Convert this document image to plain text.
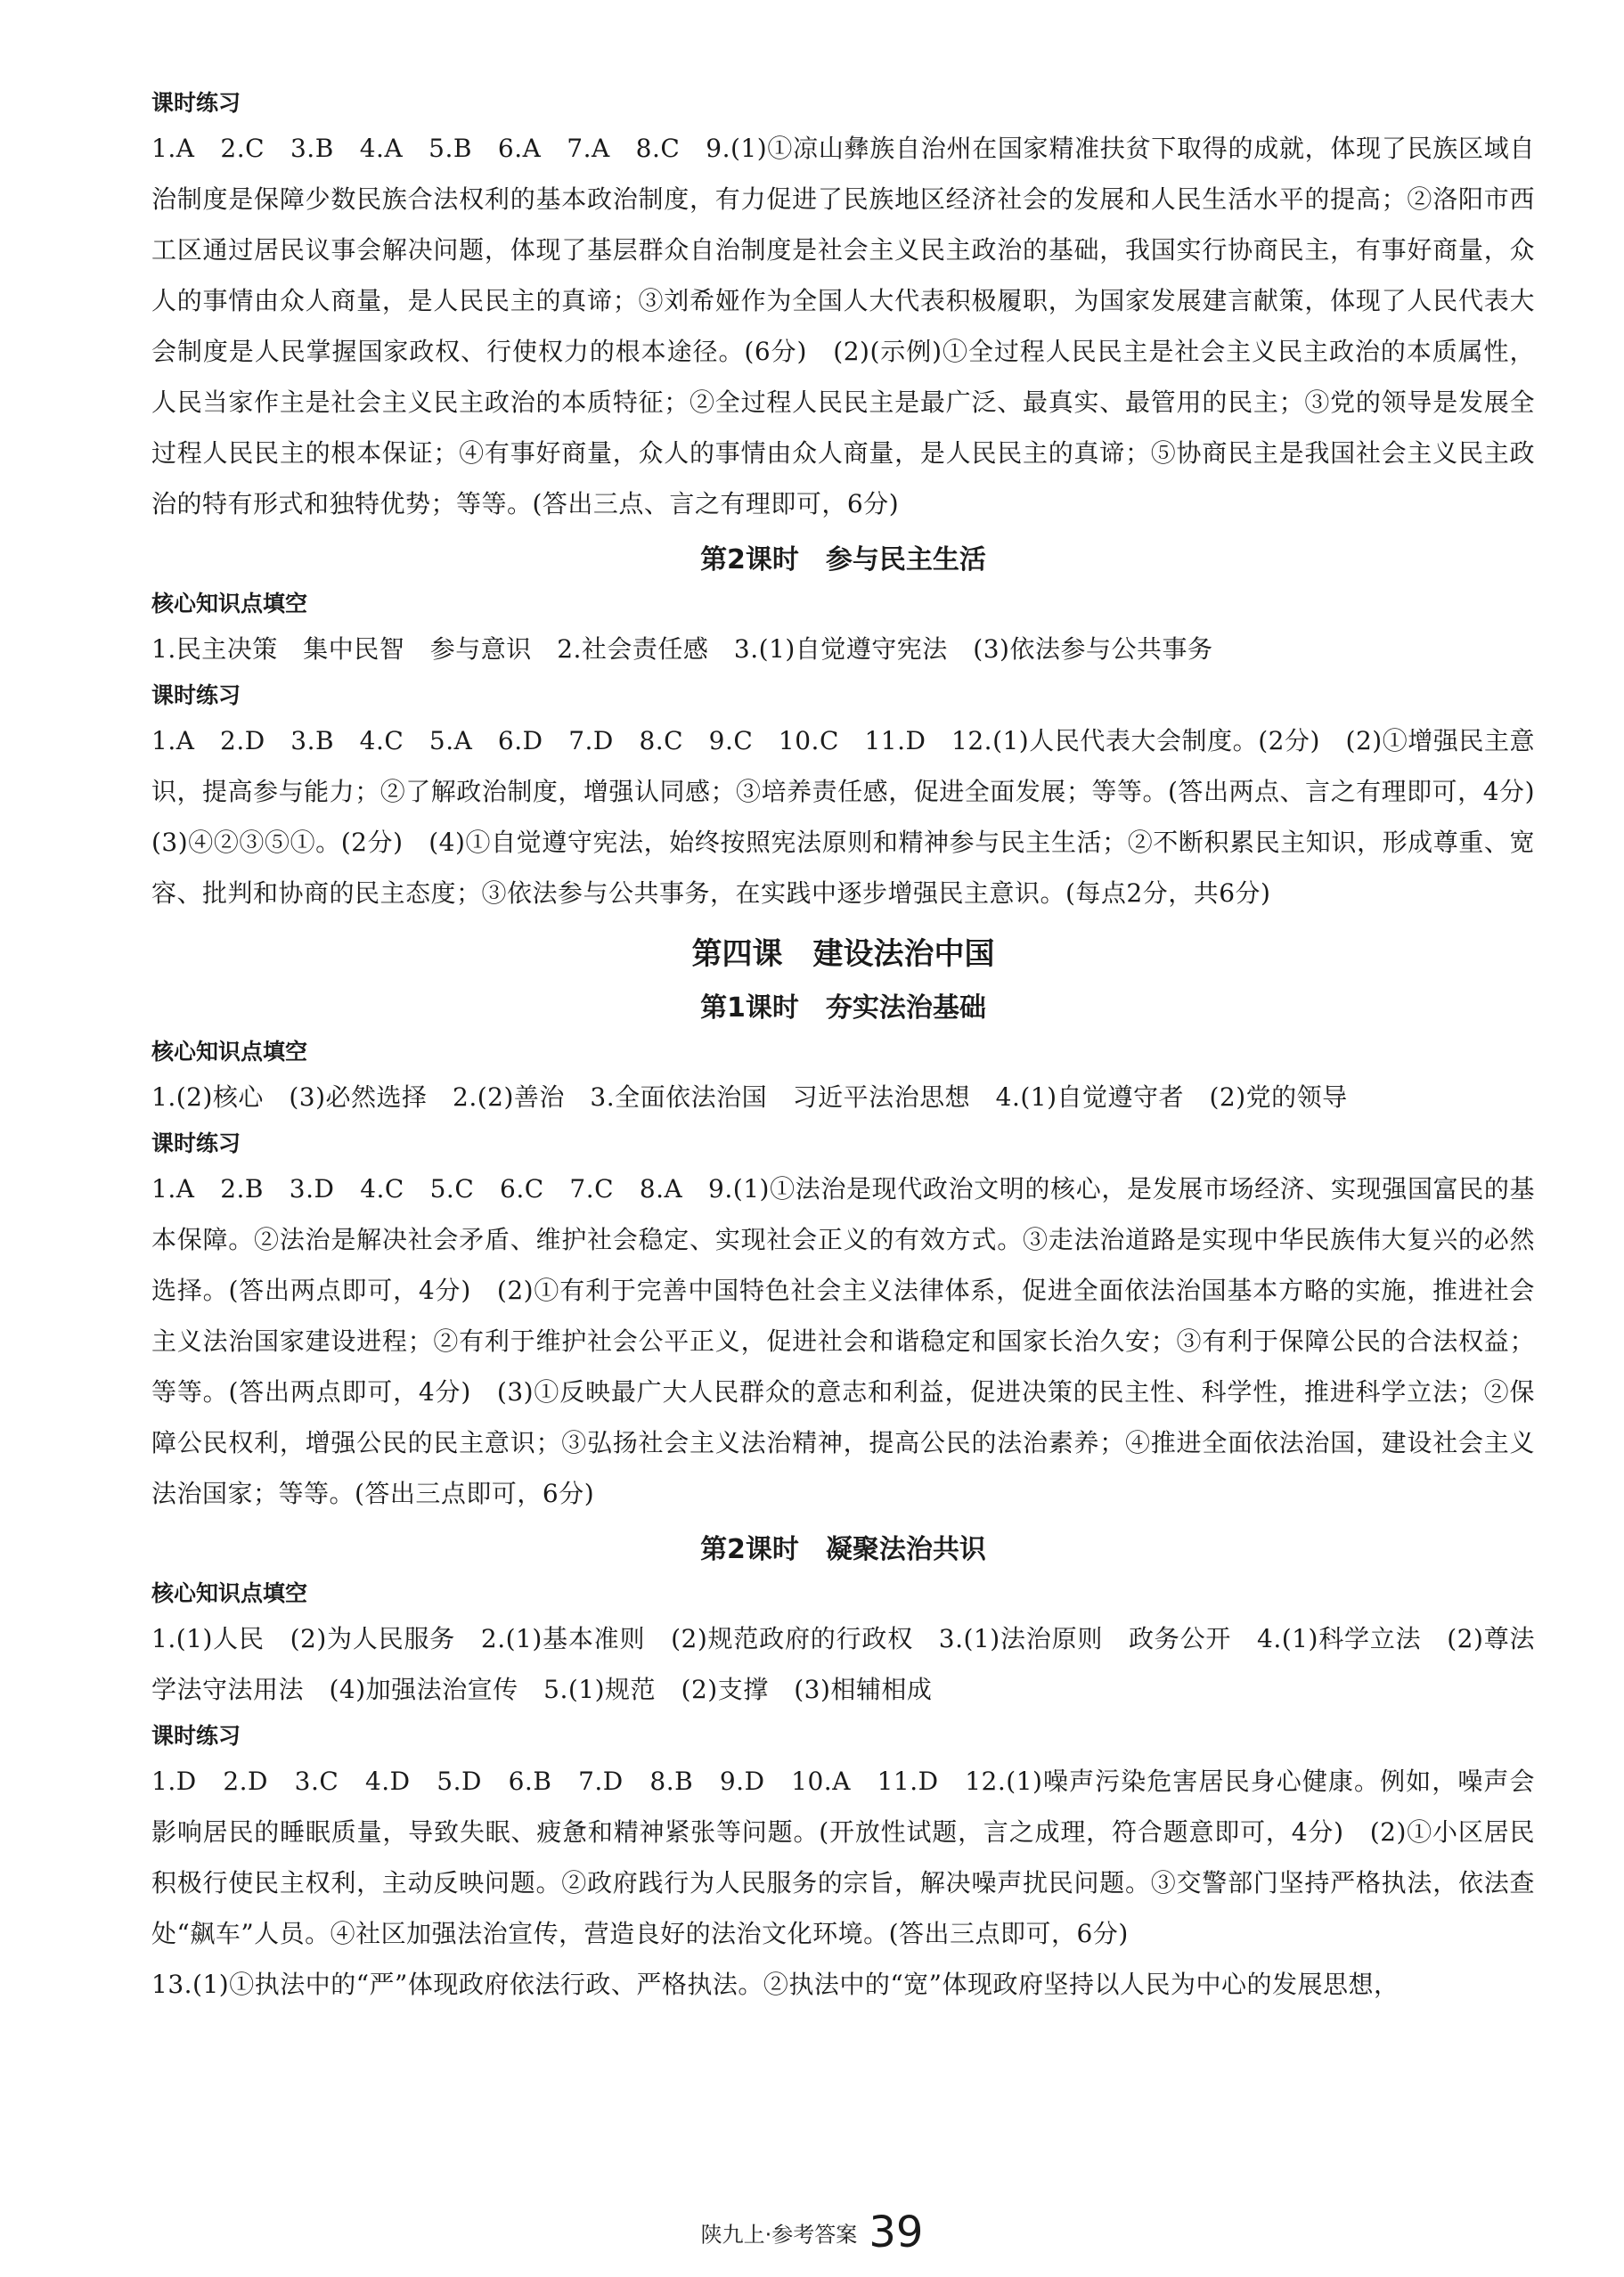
课时练习
1.A　2.C　3.B　4.A　5.B　6.A　7.A　8.C　9.(1)①凉山彝族自治州在国家精准扶贫下取得的成就，体现了民族区域自治制度是保障少数民族合法权利的基本政治制度，有力促进了民族地区经济社会的发展和人民生活水平的提高；②洛阳市西工区通过居民议事会解决问题，体现了基层群众自治制度是社会主义民主政治的基础，我国实行协商民主，有事好商量，众人的事情由众人商量，是人民民主的真谛；③刘希娅作为全国人大代表积极履职，为国家发展建言献策，体现了人民代表大会制度是人民掌握国家政权、行使权力的根本途径。(6分)　(2)(示例)①全过程人民民主是社会主义民主政治的本质属性，人民当家作主是社会主义民主政治的本质特征；②全过程人民民主是最广泛、最真实、最管用的民主；③党的领导是发展全过程人民民主的根本保证；④有事好商量，众人的事情由众人商量，是人民民主的真谛；⑤协商民主是我国社会主义民主政治的特有形式和独特优势；等等。(答出三点、言之有理即可，6分)
第2课时　参与民主生活
核心知识点填空
1.民主决策　集中民智　参与意识　2.社会责任感　3.(1)自觉遵守宪法　(3)依法参与公共事务
课时练习
1.A　2.D　3.B　4.C　5.A　6.D　7.D　8.C　9.C　10.C　11.D　12.(1)人民代表大会制度。(2分)　(2)①增强民主意识，提高参与能力；②了解政治制度，增强认同感；③培养责任感，促进全面发展；等等。(答出两点、言之有理即可，4分)　(3)④②③⑤①。(2分)　(4)①自觉遵守宪法，始终按照宪法原则和精神参与民主生活；②不断积累民主知识，形成尊重、宽容、批判和协商的民主态度；③依法参与公共事务，在实践中逐步增强民主意识。(每点2分，共6分)
第四课　建设法治中国
第1课时　夯实法治基础
核心知识点填空
1.(2)核心　(3)必然选择　2.(2)善治　3.全面依法治国　习近平法治思想　4.(1)自觉遵守者　(2)党的领导
课时练习
1.A　2.B　3.D　4.C　5.C　6.C　7.C　8.A　9.(1)①法治是现代政治文明的核心，是发展市场经济、实现强国富民的基本保障。②法治是解决社会矛盾、维护社会稳定、实现社会正义的有效方式。③走法治道路是实现中华民族伟大复兴的必然选择。(答出两点即可，4分)　(2)①有利于完善中国特色社会主义法律体系，促进全面依法治国基本方略的实施，推进社会主义法治国家建设进程；②有利于维护社会公平正义，促进社会和谐稳定和国家长治久安；③有利于保障公民的合法权益；等等。(答出两点即可，4分)　(3)①反映最广大人民群众的意志和利益，促进决策的民主性、科学性，推进科学立法；②保障公民权利，增强公民的民主意识；③弘扬社会主义法治精神，提高公民的法治素养；④推进全面依法治国，建设社会主义法治国家；等等。(答出三点即可，6分)
第2课时　凝聚法治共识
核心知识点填空
1.(1)人民　(2)为人民服务　2.(1)基本准则　(2)规范政府的行政权　3.(1)法治原则　政务公开　4.(1)科学立法　(2)尊法学法守法用法　(4)加强法治宣传　5.(1)规范　(2)支撑　(3)相辅相成
课时练习
1.D　2.D　3.C　4.D　5.D　6.B　7.D　8.B　9.D　10.A　11.D　12.(1)噪声污染危害居民身心健康。例如，噪声会影响居民的睡眠质量，导致失眠、疲惫和精神紧张等问题。(开放性试题，言之成理，符合题意即可，4分)　(2)①小区居民积极行使民主权利，主动反映问题。②政府践行为人民服务的宗旨，解决噪声扰民问题。③交警部门坚持严格执法，依法查处“飙车”人员。④社区加强法治宣传，营造良好的法治文化环境。(答出三点即可，6分)
13.(1)①执法中的“严”体现政府依法行政、严格执法。②执法中的“宽”体现政府坚持以人民为中心的发展思想，
陕九上·参考答案 39
